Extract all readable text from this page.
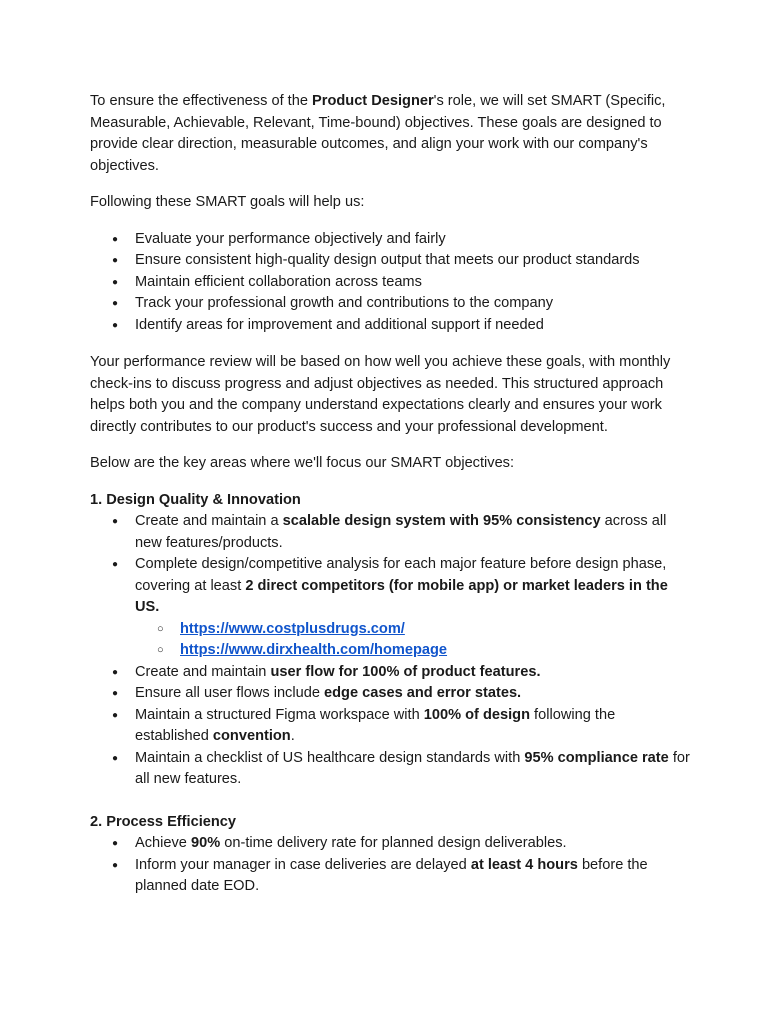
To ensure the effectiveness of the Product Designer's role, we will set SMART (Specific, Measurable, Achievable, Relevant, Time-bound) objectives. These goals are designed to provide clear direction, measurable outcomes, and align your work with our company's objectives.

Following these SMART goals will help us:

● Evaluate your performance objectively and fairly
● Ensure consistent high-quality design output that meets our product standards
● Maintain efficient collaboration across teams
● Track your professional growth and contributions to the company
● Identify areas for improvement and additional support if needed

Your performance review will be based on how well you achieve these goals, with monthly check-ins to discuss progress and adjust objectives as needed. This structured approach helps both you and the company understand expectations clearly and ensures your work directly contributes to our product's success and your professional development.

Below are the key areas where we'll focus our SMART objectives:

1. Design Quality & Innovation

● Create and maintain a scalable design system with 95% consistency across all new features/products.
● Complete design/competitive analysis for each major feature before design phase, covering at least 2 direct competitors (for mobile app) or market leaders in the US.
○ https://www.costplusdrugs.com/
○ https://www.dirxhealth.com/homepage
● Create and maintain user flow for 100% of product features.
● Ensure all user flows include edge cases and error states.
● Maintain a structured Figma workspace with 100% of design following the established convention.
● Maintain a checklist of US healthcare design standards with 95% compliance rate for all new features.

2. Process Efficiency

● Achieve 90% on-time delivery rate for planned design deliverables.
● Inform your manager in case deliveries are delayed at least 4 hours before the planned date EOD.
